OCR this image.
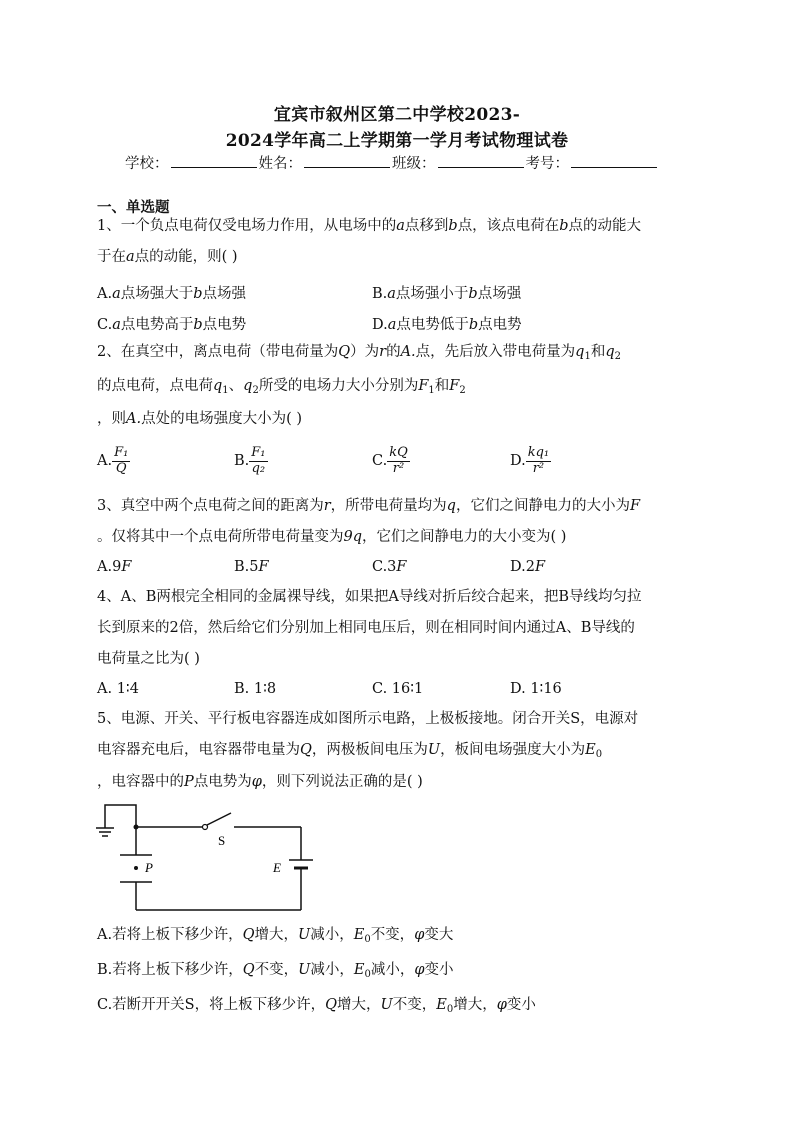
宜宾市叙州区第二中学校2023-
2024学年高二上学期第一学月考试物理试卷
学校：	姓名：	班级：	考号：
一、单选题
1、一个负点电荷仅受电场力作用，从电场中的a点移到b点，该点电荷在b点的动能大
于在a点的动能，则( )
A.a点场强大于b点场强	B.a点场强小于b点场强
C.a点电势高于b点电势	D.a点电势低于b点电势
2、在真空中，离点电荷（带电荷量为Q）为r的A.点，先后放入带电荷量为$q_1$和$q_2$
的点电荷，点电荷$q_1$、$q_2$所受的电场力大小分别为$F_1$和$F_2$
，则A.点处的电场强度大小为( )
A. $\frac{\text{F₁}}{Q}$	B. $\frac{\text{F₁}}{\text{q₂}}$	C. $\frac{kQ}{\text{r²}}$	D. $\frac{\text{kq₁}}{\text{r²}}$
3、真空中两个点电荷之间的距离为r，所带电荷量均为q，它们之间静电力的大小为F
。仅将其中一个点电荷所带电荷量变为9q，它们之间静电力的大小变为( )
A.9F	B.5F	C.3F	D.2F
4、A、B两根完全相同的金属裸导线，如果把A导线对折后绞合起来，把B导线均匀拉
长到原来的2倍，然后给它们分别加上相同电压后，则在相同时间内通过A、B导线的
电荷量之比为( )
A. 1∶4	B. 1∶8	C. 16∶1	D. 1∶16
5、电源、开关、平行板电容器连成如图所示电路，上极板接地。闭合开关S，电源对
电容器充电后，电容器带电量为Q，两极板间电压为U，板间电场强度大小为$E_0$
，电容器中的P点电势为φ，则下列说法正确的是( )
S
P	E
A.若将上板下移少许，Q增大，U减小，$E_0$不变，φ变大
B.若将上板下移少许，Q不变，U减小，$E_0$减小，φ变小
C.若断开开关S，将上板下移少许，Q增大，U不变，$E_0$增大，φ变小
